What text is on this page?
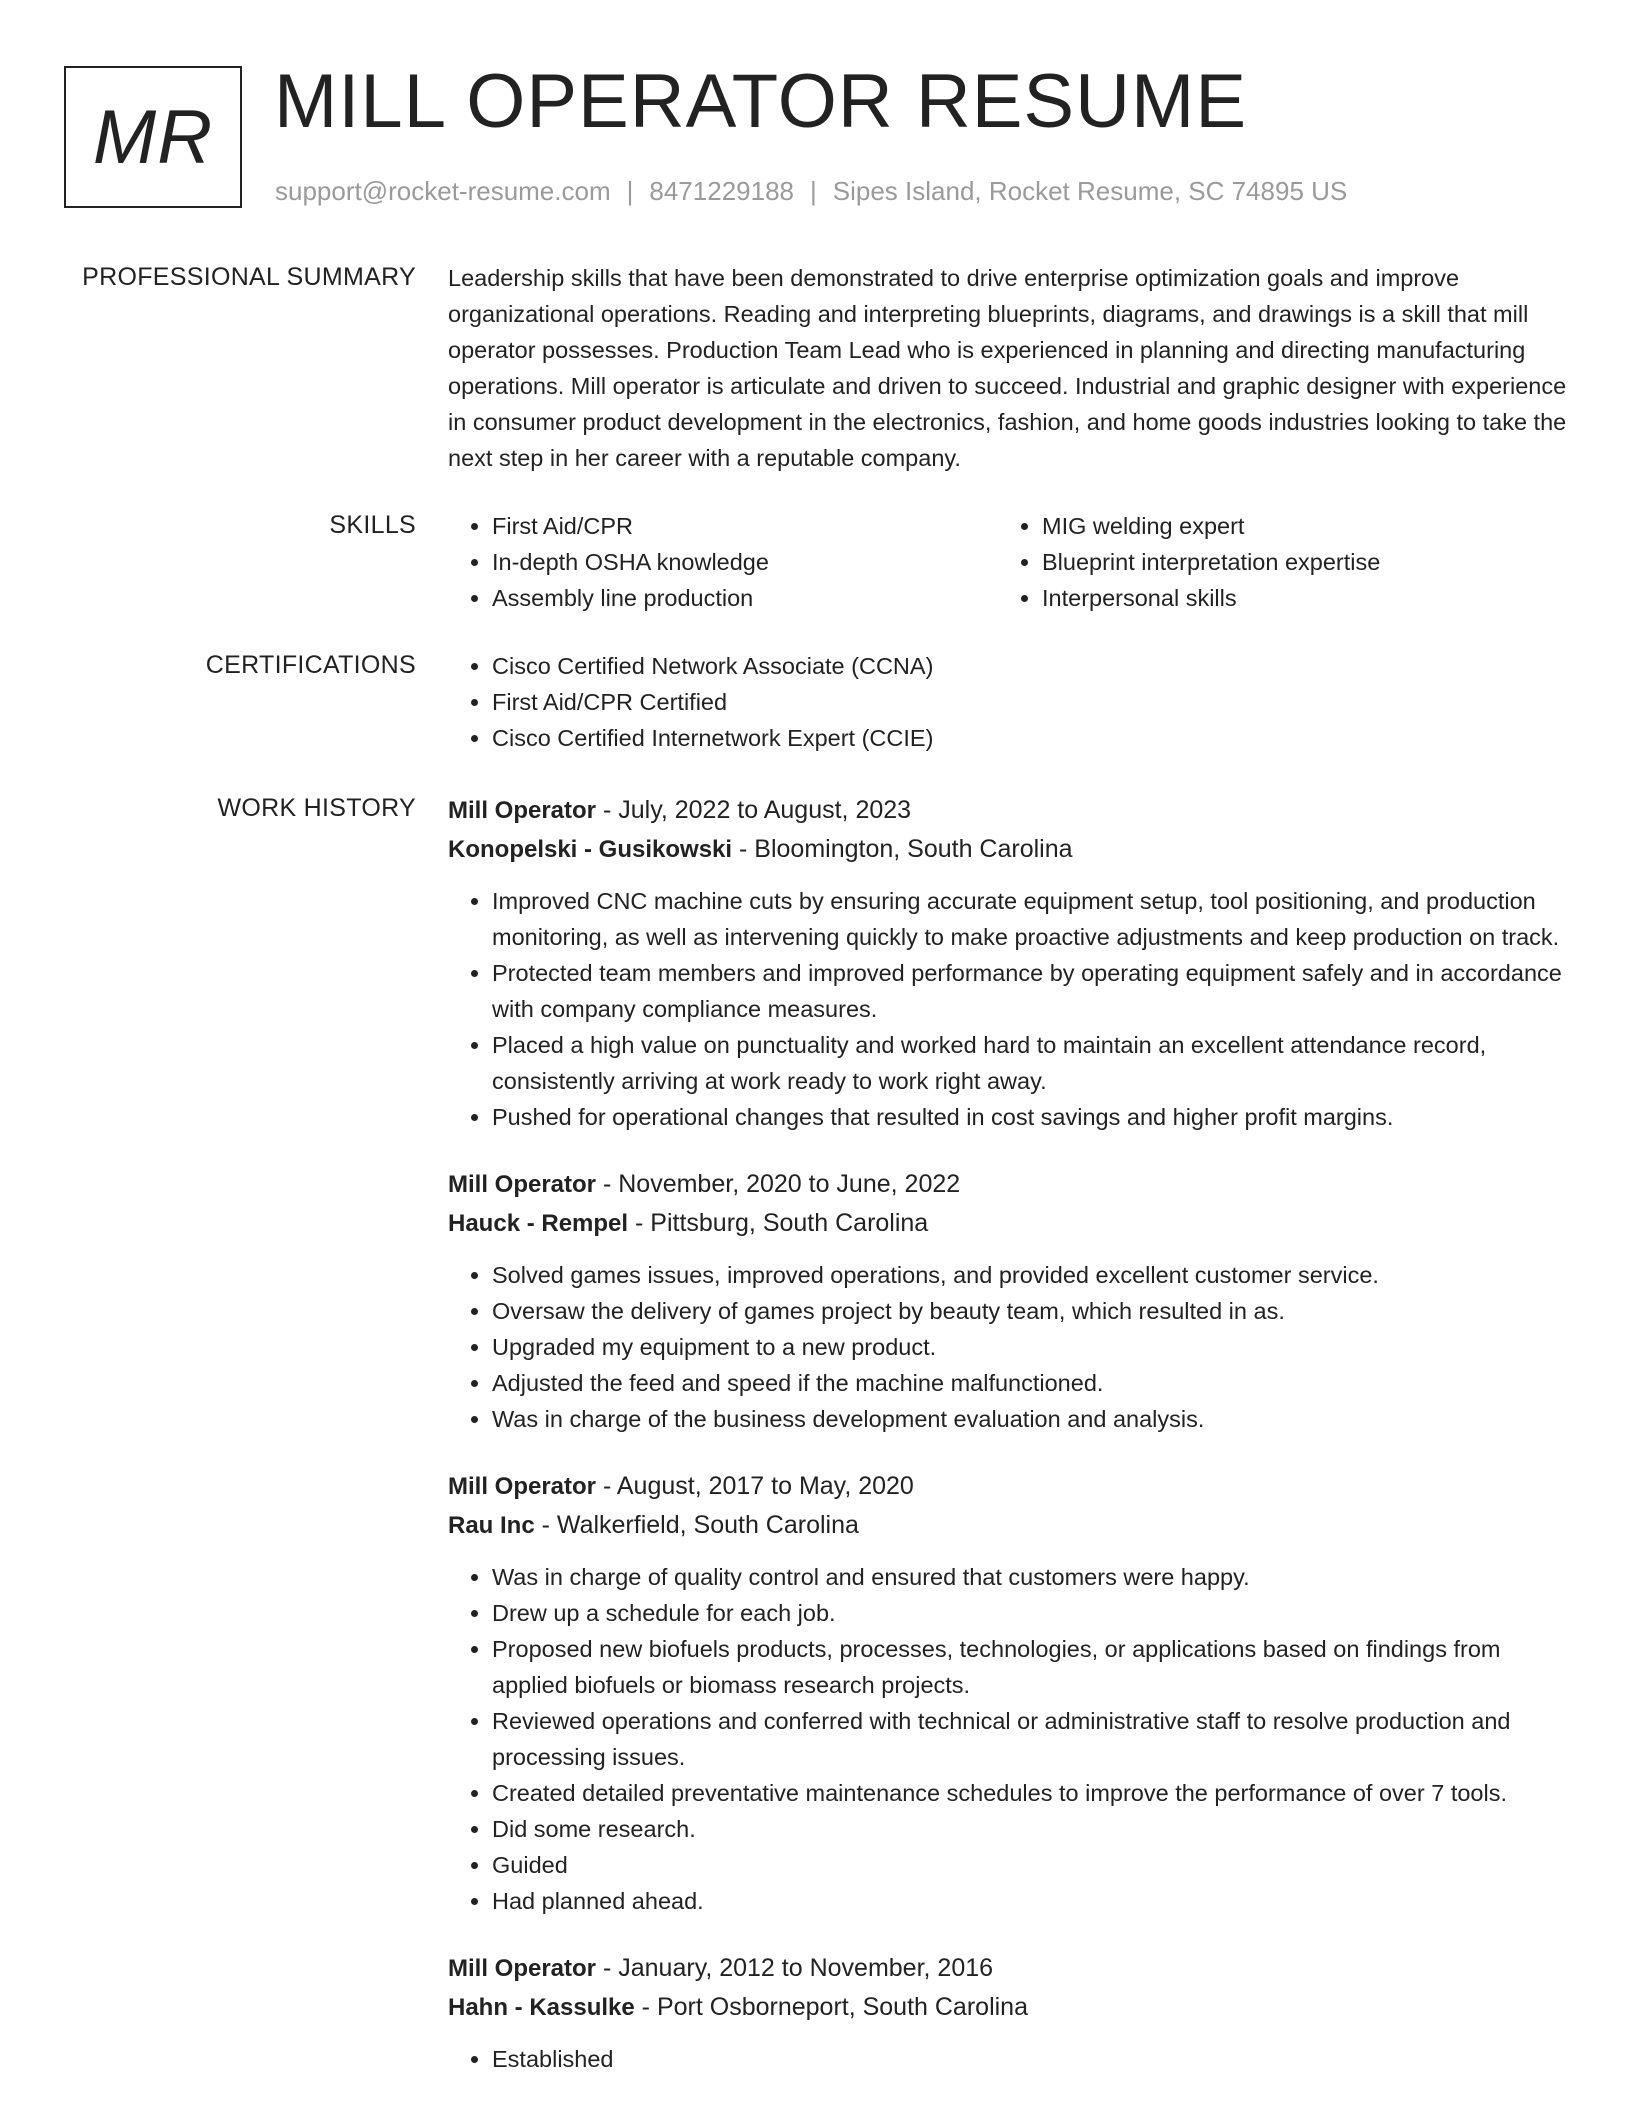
MR MILL OPERATOR RESUME
support@rocket-resume.com | 8471229188 | Sipes Island, Rocket Resume, SC 74895 US
PROFESSIONAL SUMMARY Leadership skills that have been demonstrated to drive enterprise optimization goals and improve organizational operations. Reading and interpreting blueprints, diagrams, and drawings is a skill that mill operator possesses. Production Team Lead who is experienced in planning and directing manufacturing operations. Mill operator is articulate and driven to succeed. Industrial and graphic designer with experience in consumer product development in the electronics, fashion, and home goods industries looking to take the next step in her career with a reputable company.

SKILLS	• First Aid/CPR
• In-depth OSHA knowledge
• Assembly line production
• MIG welding expert
• Blueprint interpretation expertise
• Interpersonal skills
CERTIFICATIONS	• Cisco Certified Network Associate (CCNA)
• First Aid/CPR Certified
• Cisco Certified Internetwork Expert (CCIE)
WORK HISTORY Mill Operator - July, 2022 to August, 2023
Konopelski - Gusikowski - Bloomington, South Carolina
• Improved CNC machine cuts by ensuring accurate equipment setup, tool positioning, and production monitoring, as well as intervening quickly to make proactive adjustments and keep production on track.
• Protected team members and improved performance by operating equipment safely and in accordance with company compliance measures.
• Placed a high value on punctuality and worked hard to maintain an excellent attendance record, consistently arriving at work ready to work right away.
• Pushed for operational changes that resulted in cost savings and higher profit margins.
Mill Operator - November, 2020 to June, 2022
Hauck - Rempel - Pittsburg, South Carolina
• Solved games issues, improved operations, and provided excellent customer service.
• Oversaw the delivery of games project by beauty team, which resulted in as.
• Upgraded my equipment to a new product.
• Adjusted the feed and speed if the machine malfunctioned.
• Was in charge of the business development evaluation and analysis.
Mill Operator - August, 2017 to May, 2020
Rau Inc - Walkerfield, South Carolina
• Was in charge of quality control and ensured that customers were happy.
• Drew up a schedule for each job.
• Proposed new biofuels products, processes, technologies, or applications based on findings from applied biofuels or biomass research projects.
• Reviewed operations and conferred with technical or administrative staff to resolve production and processing issues.
• Created detailed preventative maintenance schedules to improve the performance of over 7 tools.
• Did some research.
• Guided
• Had planned ahead.
Mill Operator - January, 2012 to November, 2016
Hahn - Kassulke - Port Osborneport, South Carolina
• Established
